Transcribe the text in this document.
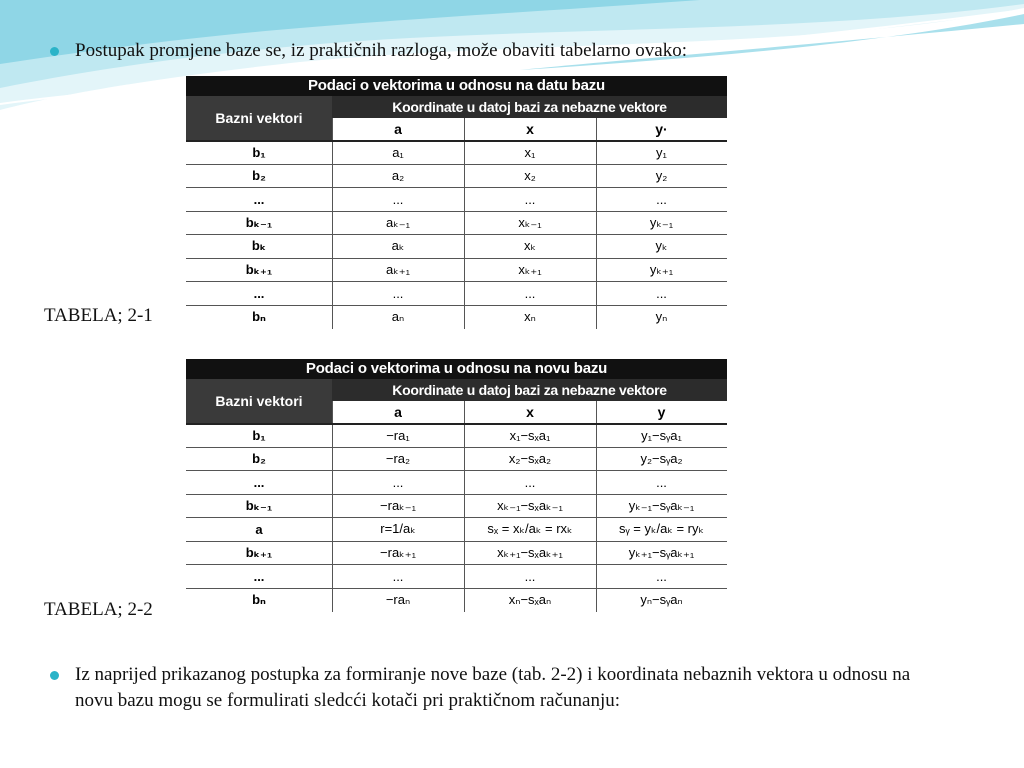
Postupak promjene baze se, iz praktičnih razloga, može obaviti tabelarno ovako:
Podaci o vektorima u odnosu na datu bazu
Bazni vektori
Koordinate u datoj bazi za nebazne vektore
a	x	y·
b₁	a₁	x₁	y₁
b₂	a₂	x₂	y₂
...	...	...	...
bₖ₋₁	aₖ₋₁	xₖ₋₁	yₖ₋₁
bₖ	aₖ	xₖ	yₖ
bₖ₊₁	aₖ₊₁	xₖ₊₁	yₖ₊₁
...	...	...	...
bₙ	aₙ	xₙ	yₙ
TABELA; 2-1
Podaci o vektorima u odnosu na novu bazu
Bazni vektori
Koordinate u datoj bazi za nebazne vektore
a	x	y
b₁	−ra₁	x₁−sₓa₁	y₁−sᵧa₁
b₂	−ra₂	x₂−sₓa₂	y₂−sᵧa₂
...	...	...	...
bₖ₋₁	−raₖ₋₁	xₖ₋₁−sₓaₖ₋₁	yₖ₋₁−sᵧaₖ₋₁
a	r=1/aₖ	sₓ = xₖ/aₖ = rxₖ	sᵧ = yₖ/aₖ = ryₖ
bₖ₊₁	−raₖ₊₁	xₖ₊₁−sₓaₖ₊₁	yₖ₊₁−sᵧaₖ₊₁
...	...	...	...
bₙ	−raₙ	xₙ−sₓaₙ	yₙ−sᵧaₙ
TABELA; 2-2
Iz naprijed prikazanog postupka za formiranje nove baze (tab. 2-2) i koordinata nebaznih vektora u odnosu na novu bazu mogu se formulirati sledcći kotači pri praktičnom računanju:
